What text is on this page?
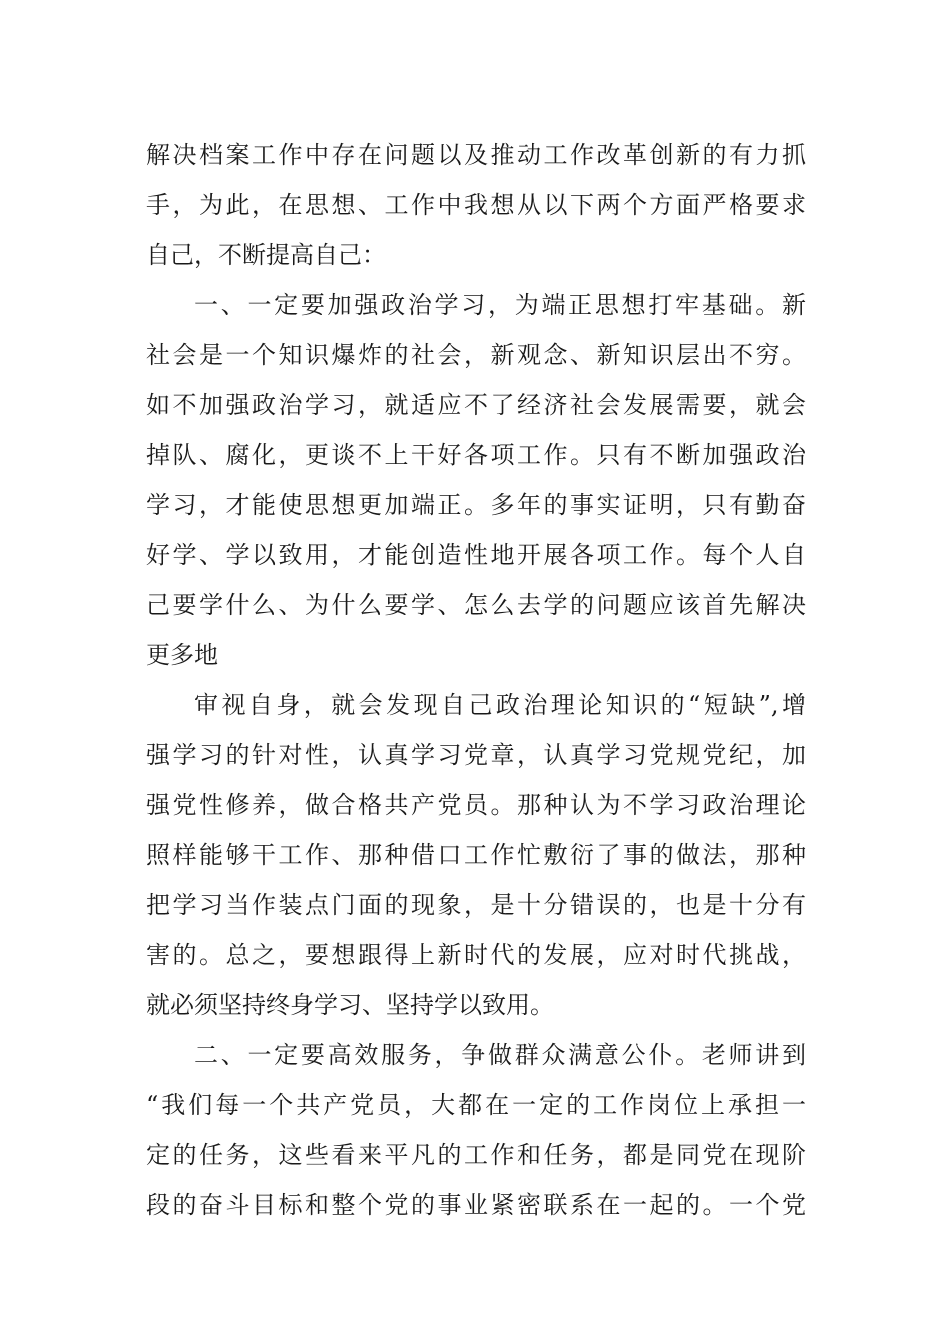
解决档案工作中存在问题以及推动工作改革创新的有力抓
手，为此，在思想、工作中我想从以下两个方面严格要求
自己，不断提高自己：
一、一定要加强政治学习，为端正思想打牢基础。新
社会是一个知识爆炸的社会，新观念、新知识层出不穷。
如不加强政治学习，就适应不了经济社会发展需要，就会
掉队、腐化，更谈不上干好各项工作。只有不断加强政治
学习，才能使思想更加端正。多年的事实证明，只有勤奋
好学、学以致用，才能创造性地开展各项工作。每个人自
己要学什么、为什么要学、怎么去学的问题应该首先解决
更多地
审视自身，就会发现自己政治理论知识的“短缺”,增
强学习的针对性，认真学习党章，认真学习党规党纪，加
强党性修养，做合格共产党员。那种认为不学习政治理论
照样能够干工作、那种借口工作忙敷衍了事的做法，那种
把学习当作装点门面的现象，是十分错误的，也是十分有
害的。总之，要想跟得上新时代的发展，应对时代挑战，
就必须坚持终身学习、坚持学以致用。
二、一定要高效服务，争做群众满意公仆。老师讲到
“我们每一个共产党员，大都在一定的工作岗位上承担一
定的任务，这些看来平凡的工作和任务，都是同党在现阶
段的奋斗目标和整个党的事业紧密联系在一起的。一个党
